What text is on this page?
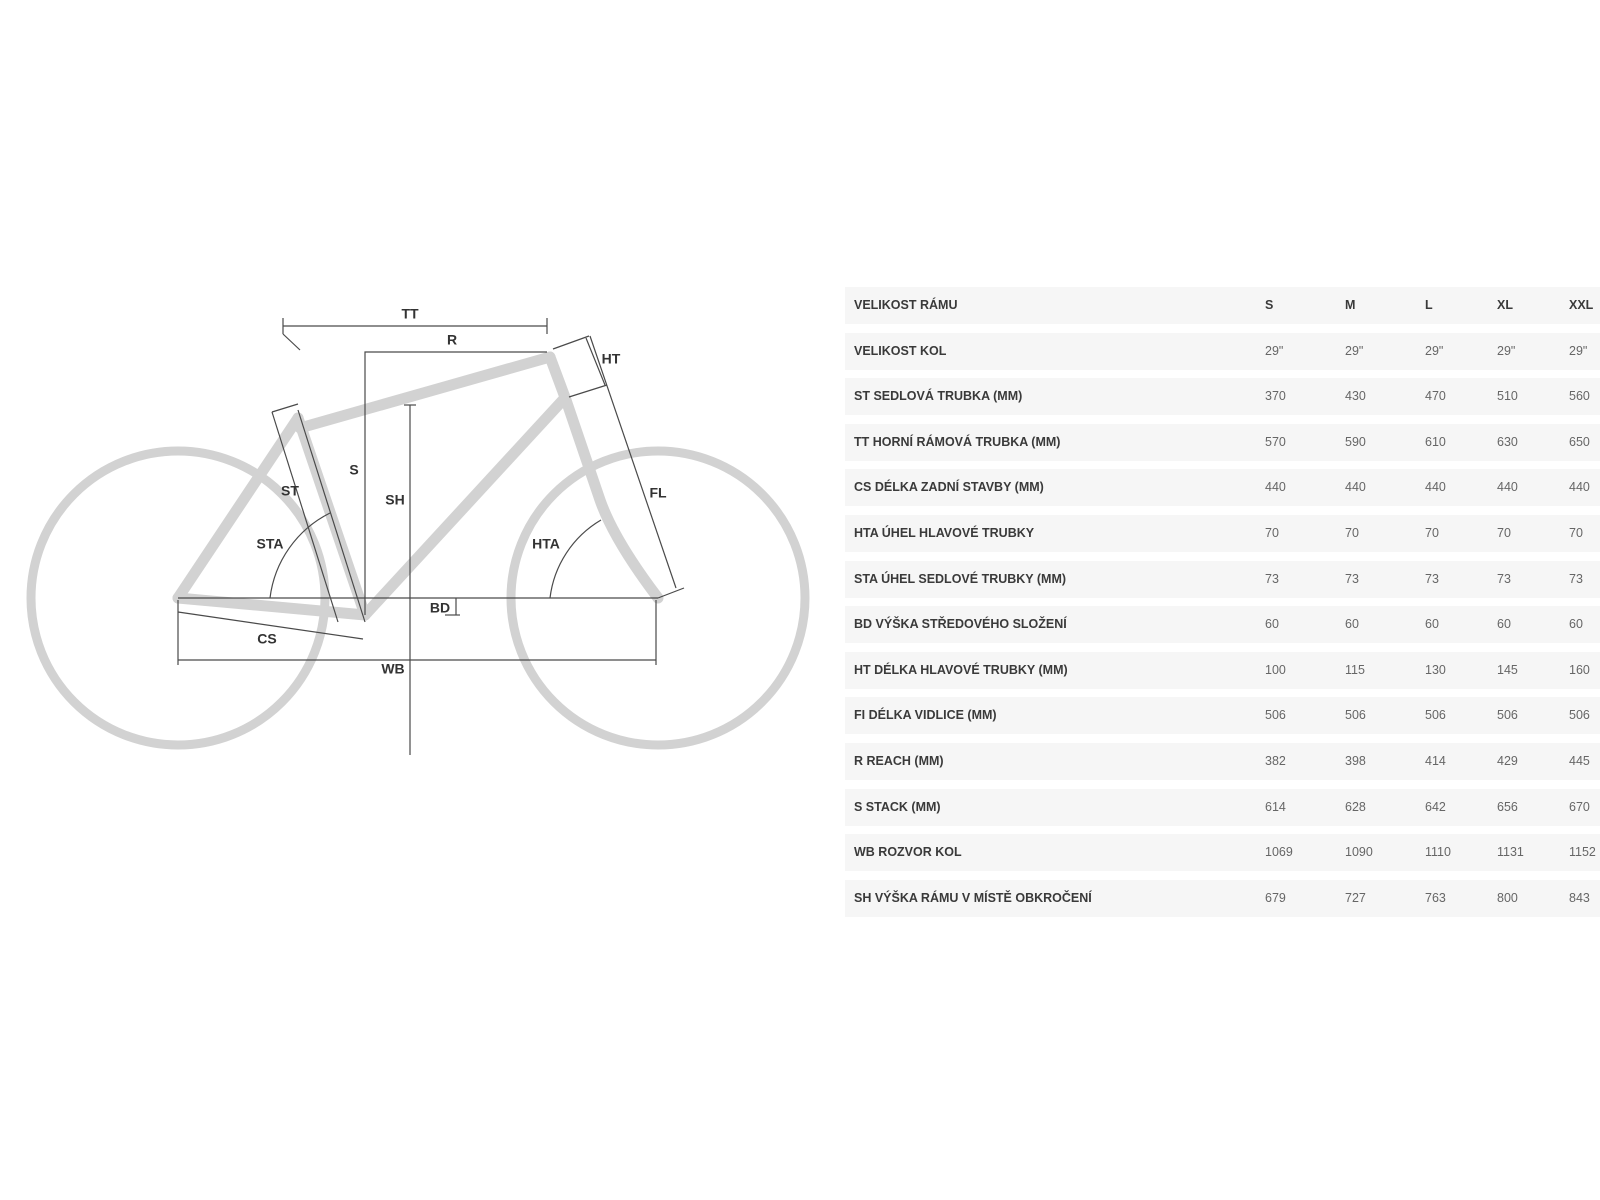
TT
R
HT
S
SH
ST
STA	HTA
FL
BD
CS
WB
VELIKOST RÁMU	S	M	L	XL	XXL
VELIKOST KOL	29"	29"	29"	29"	29"
ST SEDLOVÁ TRUBKA (MM)	370	430	470	510	560
TT HORNÍ RÁMOVÁ TRUBKA (MM)	570	590	610	630	650
CS DÉLKA ZADNÍ STAVBY (MM)	440	440	440	440	440
HTA ÚHEL HLAVOVÉ TRUBKY	70	70	70	70	70
STA ÚHEL SEDLOVÉ TRUBKY (MM)	73	73	73	73	73
BD VÝŠKA STŘEDOVÉHO SLOŽENÍ	60	60	60	60	60
HT DÉLKA HLAVOVÉ TRUBKY (MM)	100	115	130	145	160
FI DÉLKA VIDLICE (MM)	506	506	506	506	506
R REACH (MM)	382	398	414	429	445
S STACK (MM)	614	628	642	656	670
WB ROZVOR KOL	1069	1090	1110	1131	1152
SH VÝŠKA RÁMU V MÍSTĚ OBKROČENÍ	679	727	763	800	843
